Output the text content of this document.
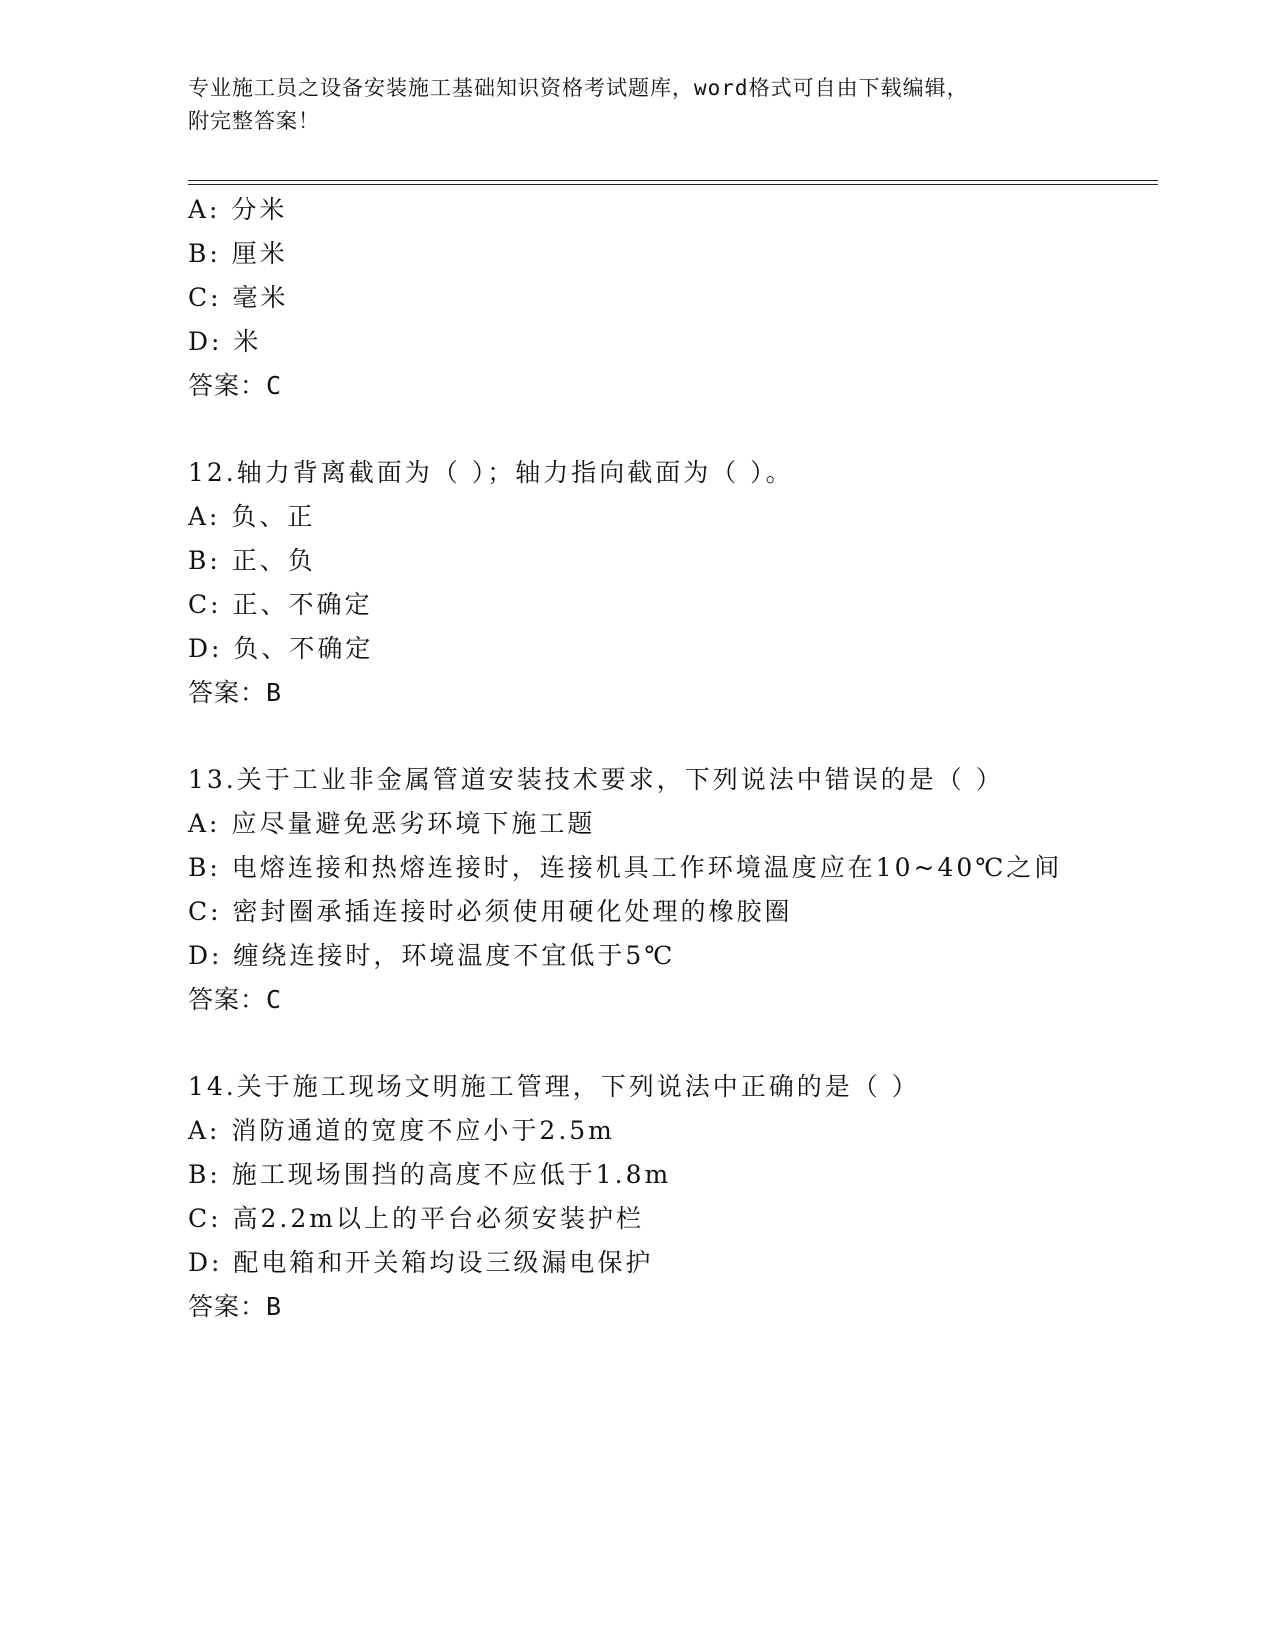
专业施工员之设备安装施工基础知识资格考试题库，word格式可自由下载编辑，
附完整答案！
A: 分米
B: 厘米
C: 毫米
D: 米
答案：C
12.轴力背离截面为（ ）；轴力指向截面为（ ）。
A: 负、正
B: 正、负
C: 正、不确定
D: 负、不确定
答案：B
13.关于工业非金属管道安装技术要求，下列说法中错误的是（ ）
A: 应尽量避免恶劣环境下施工题
B: 电熔连接和热熔连接时，连接机具工作环境温度应在10~40℃之间
C: 密封圈承插连接时必须使用硬化处理的橡胶圈
D: 缠绕连接时，环境温度不宜低于5℃
答案：C
14.关于施工现场文明施工管理，下列说法中正确的是（ ）
A: 消防通道的宽度不应小于2.5m
B: 施工现场围挡的高度不应低于1.8m
C: 高2.2m以上的平台必须安装护栏
D: 配电箱和开关箱均设三级漏电保护
答案：B
